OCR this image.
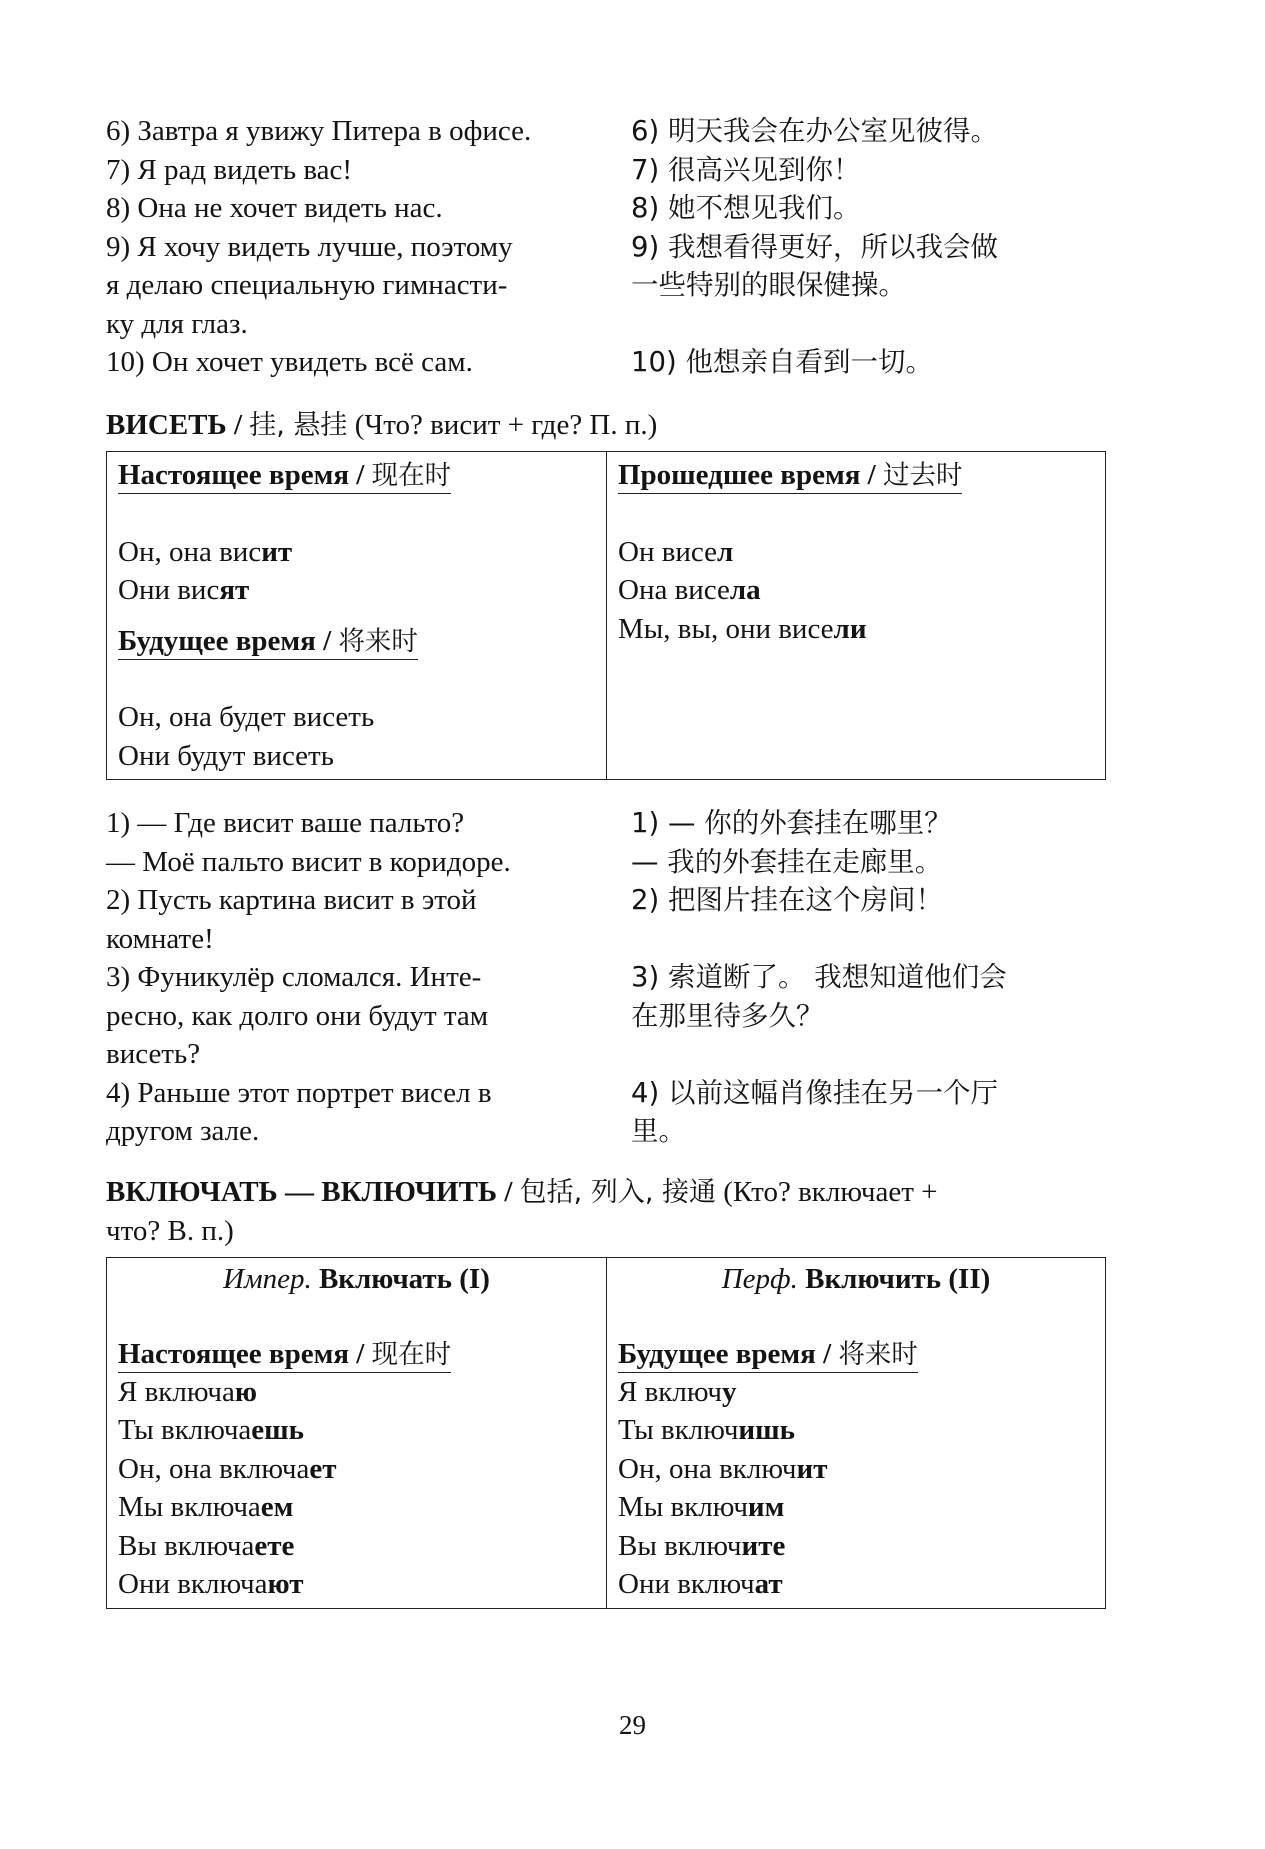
6) Завтра я увижу Питера в офисе.
7) Я рад видеть вас!
8) Она не хочет видеть нас.
9) Я хочу видеть лучше, поэтому
я делаю специальную гимнасти-
ку для глаз.
10) Он хочет увидеть всё сам.
6) 明天我会在办公室见彼得。
7) 很高兴见到你！
8) 她不想见我们。
9) 我想看得更好，所以我会做
一些特别的眼保健操。
10) 他想亲自看到一切。
ВИСЕТЬ / 挂, 悬挂 (Что? висит + где? П. п.)
Настоящее время / 现在时
Он, она висит
Они висят
Будущее время / 将来时
Он, она будет висеть
Они будут висеть
Прошедшее время / 过去时
Он висел
Она висела
Мы, вы, они висели
1) — Где висит ваше пальто?
— Моё пальто висит в коридоре.
2) Пусть картина висит в этой
комнате!
3) Фуникулёр сломался. Инте-
ресно, как долго они будут там
висеть?
4) Раньше этот портрет висел в
другом зале.
1) — 你的外套挂在哪里？
— 我的外套挂在走廊里。
2) 把图片挂在这个房间！
3) 索道断了。 我想知道他们会
在那里待多久？
4) 以前这幅肖像挂在另一个厅
里。
ВКЛЮЧАТЬ — ВКЛЮЧИТЬ / 包括, 列入, 接通 (Кто? включает +
что? В. п.)
Импер. Включать (I)
Настоящее время / 现在时
Я включаю
Ты включаешь
Он, она включает
Мы включаем
Вы включаете
Они включают
Перф. Включить (II)
Будущее время / 将来时
Я включу
Ты включишь
Он, она включит
Мы включим
Вы включите
Они включат
29
